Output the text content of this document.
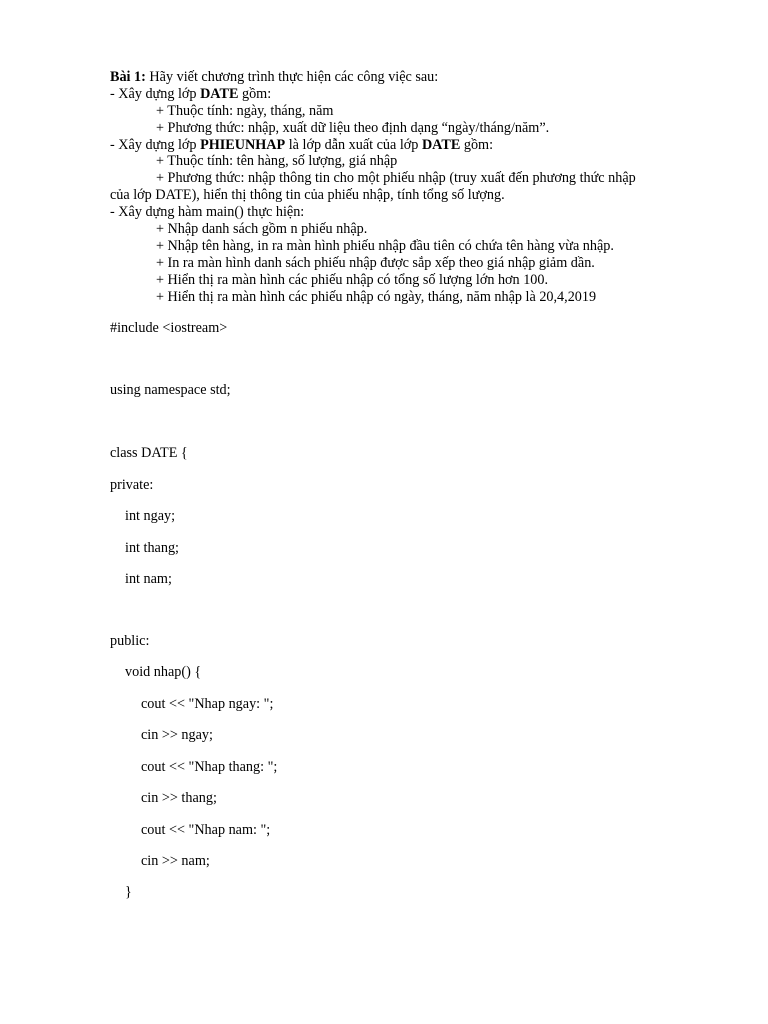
Bài 1: Hãy viết chương trình thực hiện các công việc sau:
- Xây dựng lớp DATE gồm:
+ Thuộc tính: ngày, tháng, năm
+ Phương thức: nhập, xuất dữ liệu theo định dạng “ngày/tháng/năm”.
- Xây dựng lớp PHIEUNHAP là lớp dẫn xuất của lớp DATE gồm:
+ Thuộc tính: tên hàng, số lượng, giá nhập
+ Phương thức: nhập thông tin cho một phiếu nhập (truy xuất đến phương thức nhập
của lớp DATE), hiển thị thông tin của phiếu nhập, tính tổng số lượng.
- Xây dựng hàm main() thực hiện:
+ Nhập danh sách gồm n phiếu nhập.
+ Nhập tên hàng, in ra màn hình phiếu nhập đầu tiên có chứa tên hàng vừa nhập.
+ In ra màn hình danh sách phiếu nhập được sắp xếp theo giá nhập giảm dần.
+ Hiển thị ra màn hình các phiếu nhập có tổng số lượng lớn hơn 100.
+ Hiển thị ra màn hình các phiếu nhập có ngày, tháng, năm nhập là 20,4,2019
#include <iostream>
using namespace std;
class DATE {
private:
int ngay;
int thang;
int nam;
public:
void nhap() {
cout << "Nhap ngay: ";
cin >> ngay;
cout << "Nhap thang: ";
cin >> thang;
cout << "Nhap nam: ";
cin >> nam;
}
